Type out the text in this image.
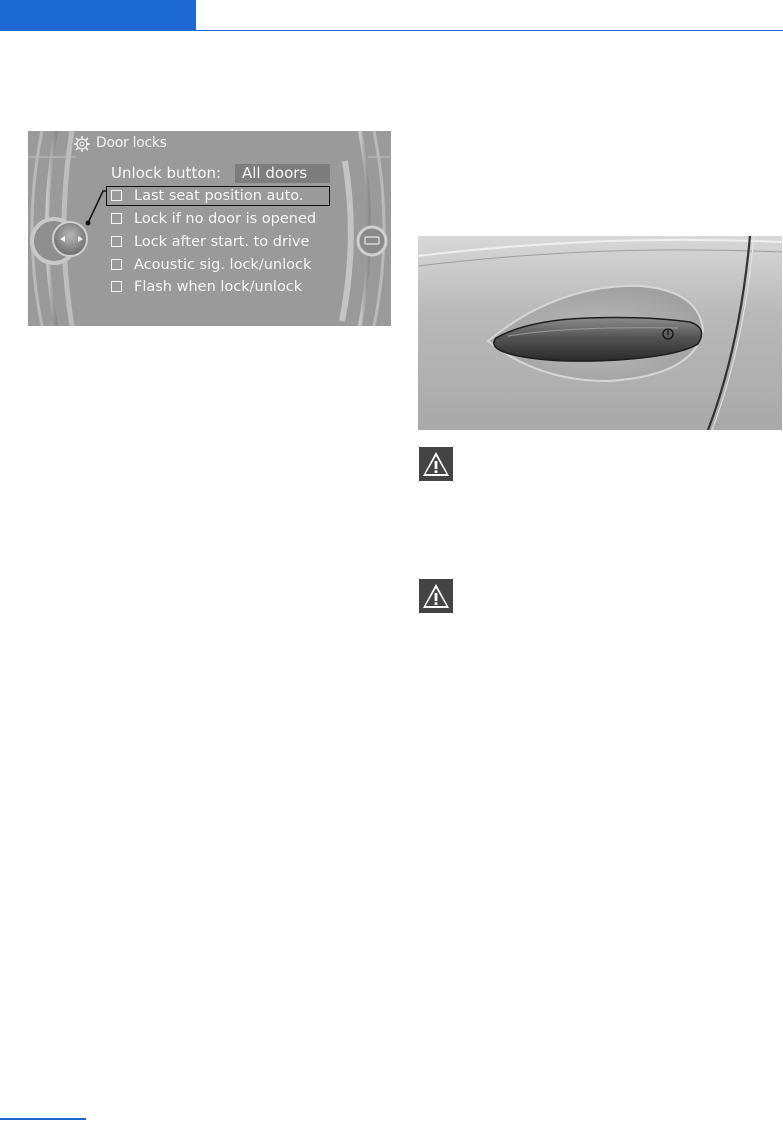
Door locks
Unlock button:	All doors
Last seat position auto.
Lock if no door is opened
Lock after start. to drive
Acoustic sig. lock/unlock
Flash when lock/unlock
